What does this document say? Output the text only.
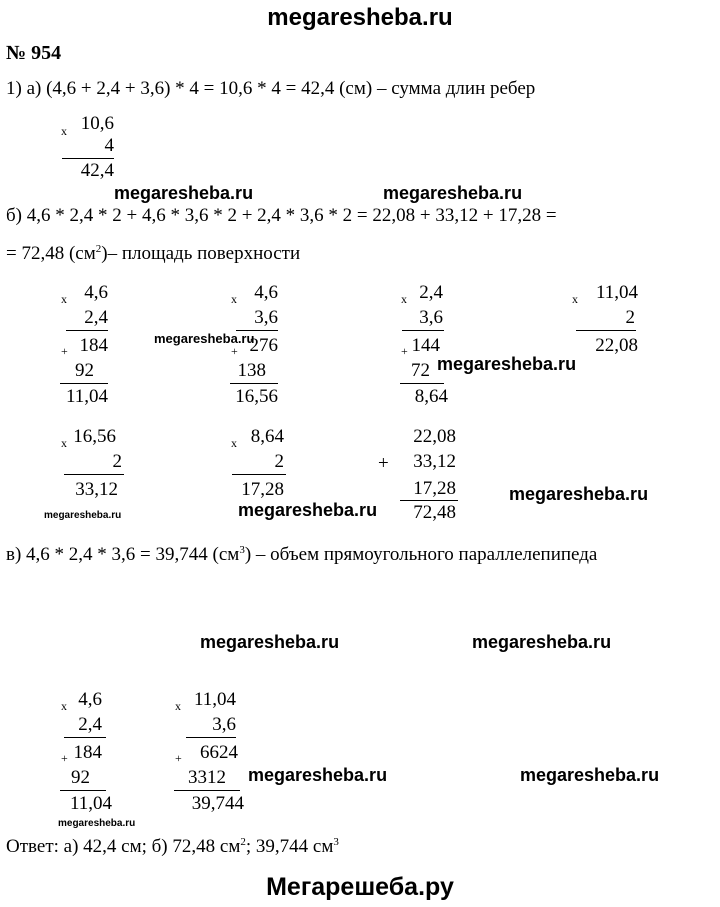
megaresheba.ru
№ 954
1) а) (4,6 + 2,4 + 3,6) * 4 = 10,6 * 4 = 42,4 (см) – сумма длин ребер
x 10,6
4
42,4
megaresheba.ru	megaresheba.ru
б) 4,6 * 2,4 * 2 + 4,6 * 3,6 * 2 + 2,4 * 3,6 * 2 = 22,08 + 33,12 + 17,28 =
= 72,48 $(см^2)-$ площадь поверхности
x 4,6
2,4
+ 184
92
11,04
x 4,6
3,6
+ 276
138
16,56
x 2,4
3,6
+ 144
72
8,64
x 11,04
2
22,08
megaresheba.ru
megaresheba.ru
x 16,56
2
33,12
x 8,64
2
17,28
22,08
+ 33,12
17,28
72,48
megaresheba.ru
megaresheba.ru
megaresheba.ru
в) 4,6 * 2,4 * 3,6 = 39,744 $(см^3)$ – объем прямоугольного параллелепипеда
megaresheba.ru	megaresheba.ru
x 4,6
2,4
+ 184
92
11,04
x 11,04
3,6
+ 6624
3312
39,744
megaresheba.ru	megaresheba.ru
megaresheba.ru
Ответ: а) 42,4 см; б) 72,48 $см^2$; 39,744 $см^3$
Мегарешеба.ру
